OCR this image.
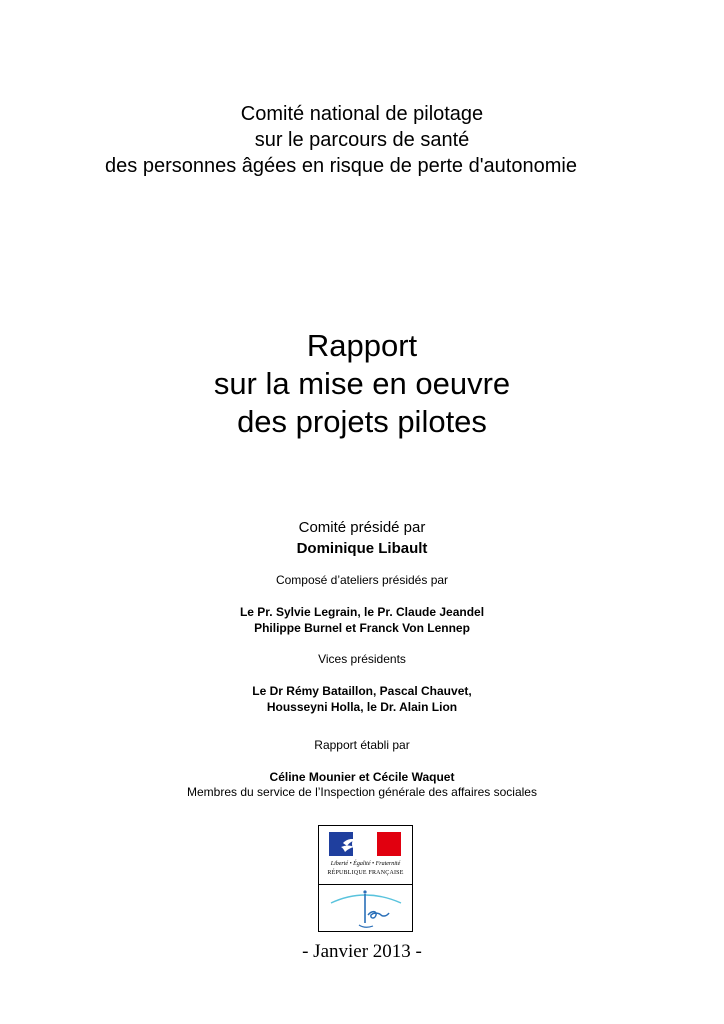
Comité national de pilotage
sur le parcours de santé
des personnes âgées en risque de perte d'autonomie
Rapport
sur la mise en oeuvre
des projets pilotes
Comité présidé par
Dominique Libault
Composé d’ateliers présidés par
Le Pr. Sylvie Legrain, le Pr. Claude Jeandel
Philippe Burnel et Franck Von Lennep
Vices présidents
Le Dr Rémy Bataillon, Pascal Chauvet,
Housseyni Holla, le Dr. Alain Lion
Rapport établi par
Céline Mounier et Cécile Waquet
Membres du service de l’Inspection générale des affaires sociales
Liberté • Égalité • Fraternité
RÉPUBLIQUE FRANÇAISE
- Janvier 2013 -
